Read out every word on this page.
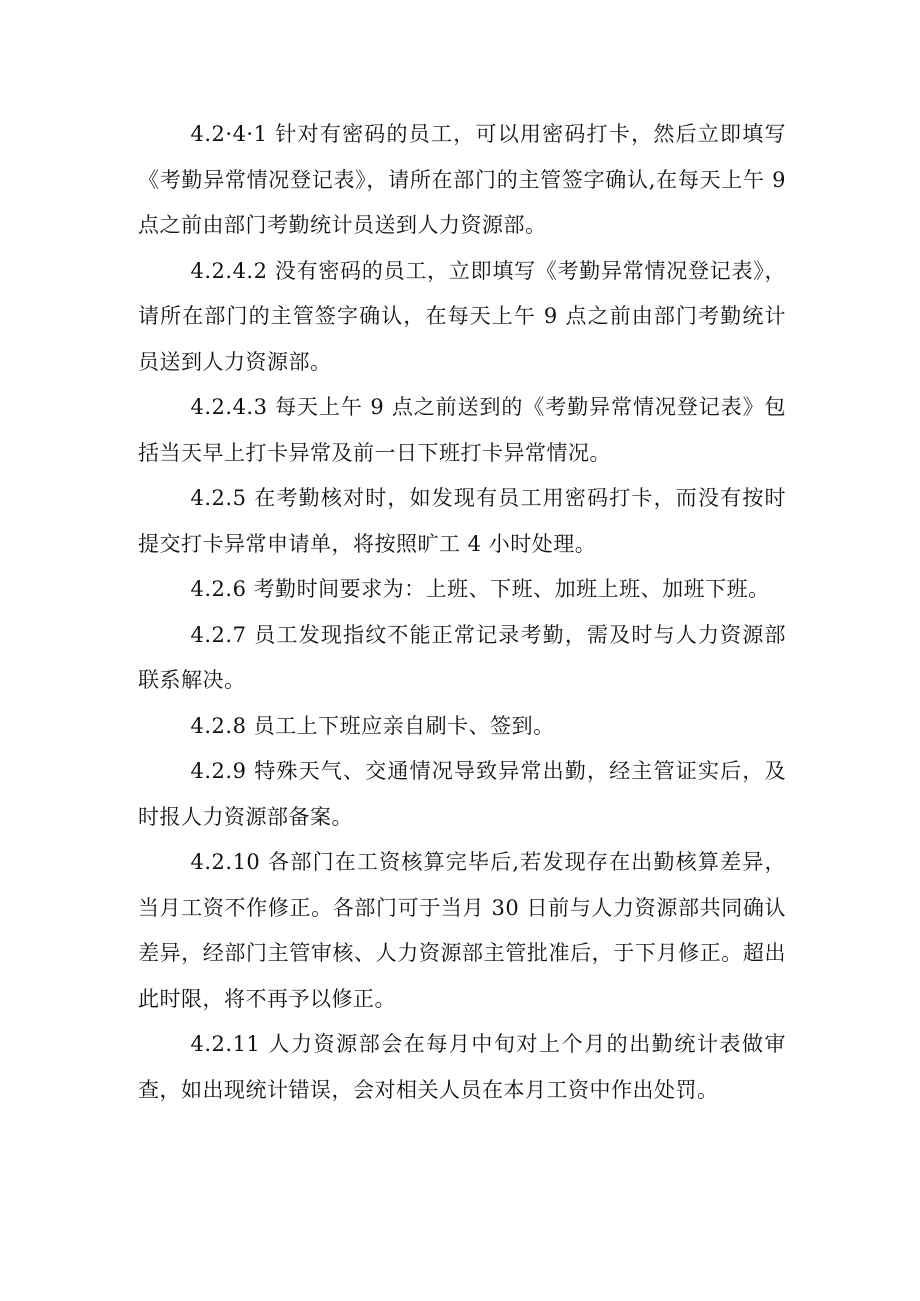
4.2·4·1 针对有密码的员工，可以用密码打卡，然后立即填写《考勤异常情况登记表》，请所在部门的主管签字确认,在每天上午 9 点之前由部门考勤统计员送到人力资源部。

4.2.4.2 没有密码的员工，立即填写《考勤异常情况登记表》，请所在部门的主管签字确认，在每天上午 9 点之前由部门考勤统计员送到人力资源部。

4.2.4.3 每天上午 9 点之前送到的《考勤异常情况登记表》包括当天早上打卡异常及前一日下班打卡异常情况。

4.2.5 在考勤核对时，如发现有员工用密码打卡，而没有按时提交打卡异常申请单，将按照旷工 4 小时处理。

4.2.6 考勤时间要求为：上班、下班、加班上班、加班下班。

4.2.7 员工发现指纹不能正常记录考勤，需及时与人力资源部联系解决。

4.2.8 员工上下班应亲自刷卡、签到。

4.2.9 特殊天气、交通情况导致异常出勤，经主管证实后，及时报人力资源部备案。

4.2.10 各部门在工资核算完毕后,若发现存在出勤核算差异，当月工资不作修正。各部门可于当月 30 日前与人力资源部共同确认差异，经部门主管审核、人力资源部主管批准后，于下月修正。超出此时限，将不再予以修正。

4.2.11 人力资源部会在每月中旬对上个月的出勤统计表做审查，如出现统计错误，会对相关人员在本月工资中作出处罚。
